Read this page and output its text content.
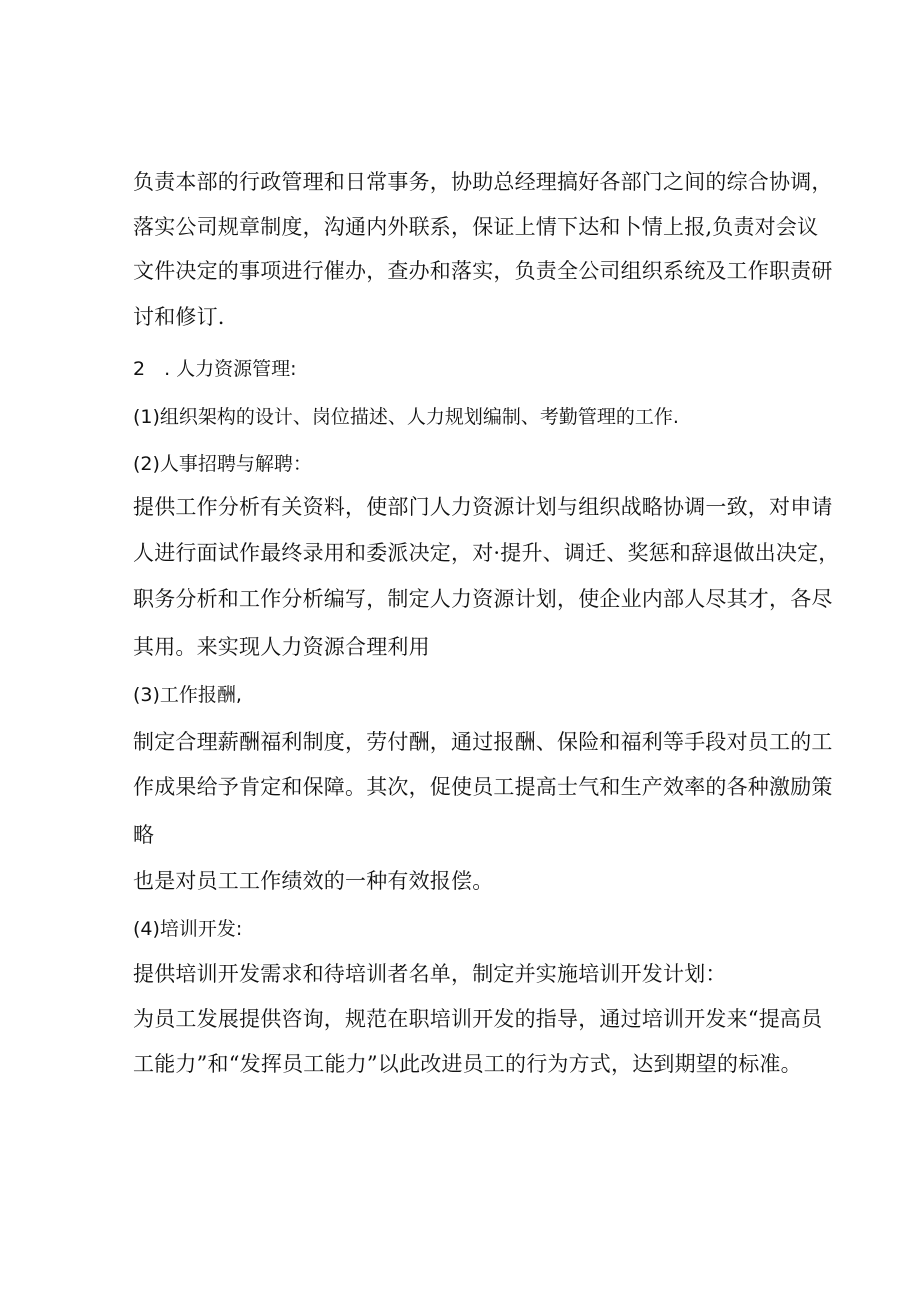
负责本部的行政管理和日常事务，协助总经理搞好各部门之间的综合协调，
落实公司规章制度，沟通内外联系，保证上情下达和卜情上报,负责对会议
文件决定的事项进行催办，查办和落实，负责全公司组织系统及工作职责研
讨和修订.
2　. 人力资源管理:
(1)组织架构的设计、岗位描述、人力规划编制、考勤管理的工作.
(2)人事招聘与解聘：
提供工作分析有关资料，使部门人力资源计划与组织战略协调一致，对申请
人进行面试作最终录用和委派决定，对·提升、调迁、奖惩和辞退做出决定，
职务分析和工作分析编写，制定人力资源计划，使企业内部人尽其才，各尽
其用。来实现人力资源合理利用
(3)工作报酬,
制定合理薪酬福利制度，劳付酬，通过报酬、保险和福利等手段对员工的工
作成果给予肯定和保障。其次，促使员工提高士气和生产效率的各种激励策
略
也是对员工工作绩效的一种有效报偿。
(4)培训开发:
提供培训开发需求和待培训者名单，制定并实施培训开发计划：
为员工发展提供咨询，规范在职培训开发的指导，通过培训开发来“提高员
工能力”和“发挥员工能力”以此改进员工的行为方式，达到期望的标准。
